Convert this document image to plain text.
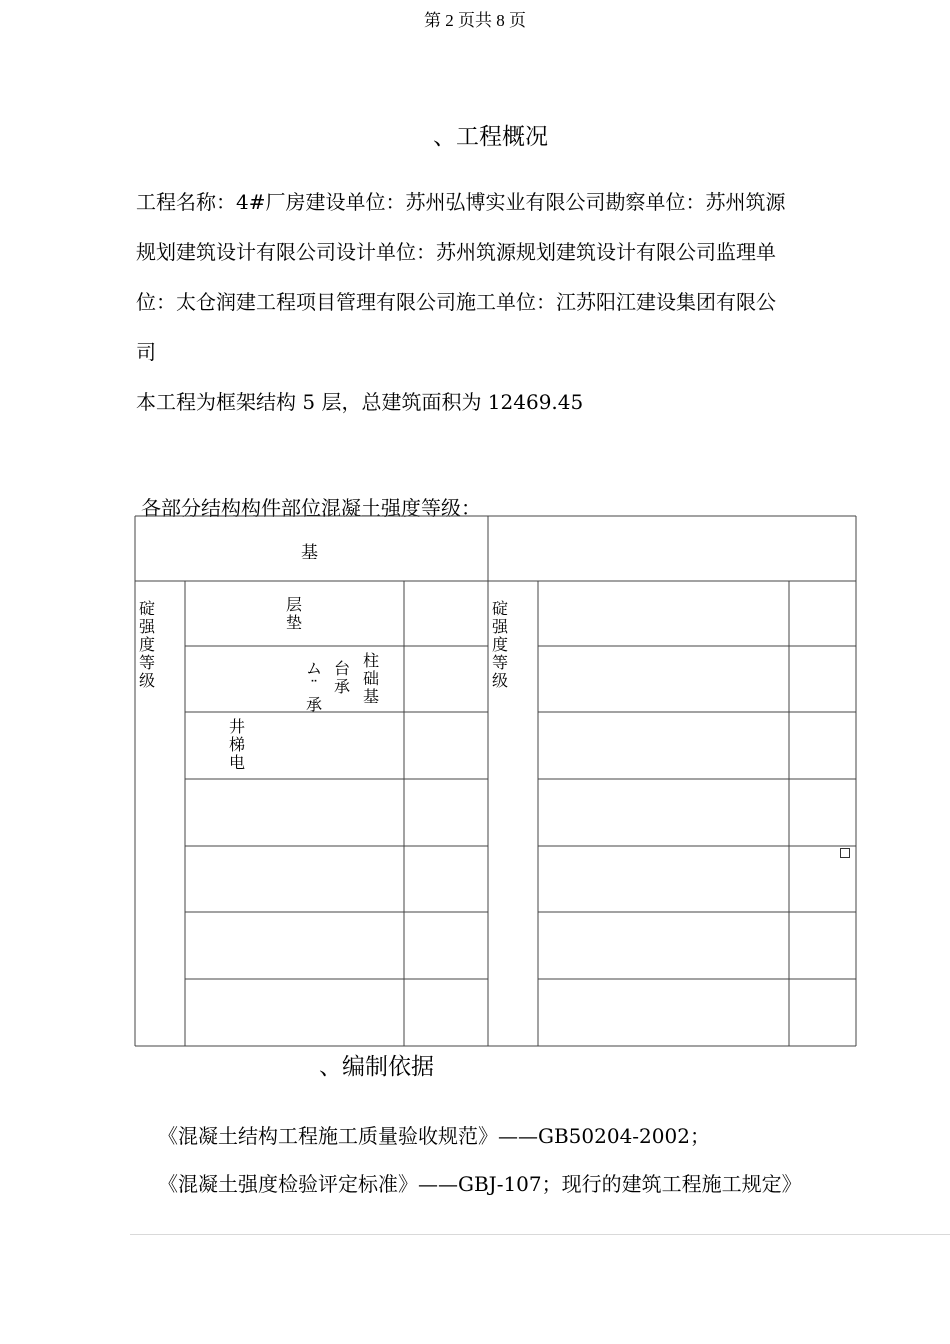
第 2 页共 8 页
、工程概况
工程名称：4#厂房建设单位：苏州弘博实业有限公司勘察单位：苏州筑源
规划建筑设计有限公司设计单位：苏州筑源规划建筑设计有限公司监理单
位：太仓润建工程项目管理有限公司施工单位：江苏阳江建设集团有限公
司
本工程为框架结构 5 层，总建筑面积为 12469.45
各部分结构构件部位混凝土强度等级：
基
碇强度等级
碇强度等级
层垫
柱础基
台承
ム¨承
井梯电
、编制依据
《混凝土结构工程施工质量验收规范》——GB50204-2002；
《混凝土强度检验评定标准》——GBJ-107；现行的建筑工程施工规定》
